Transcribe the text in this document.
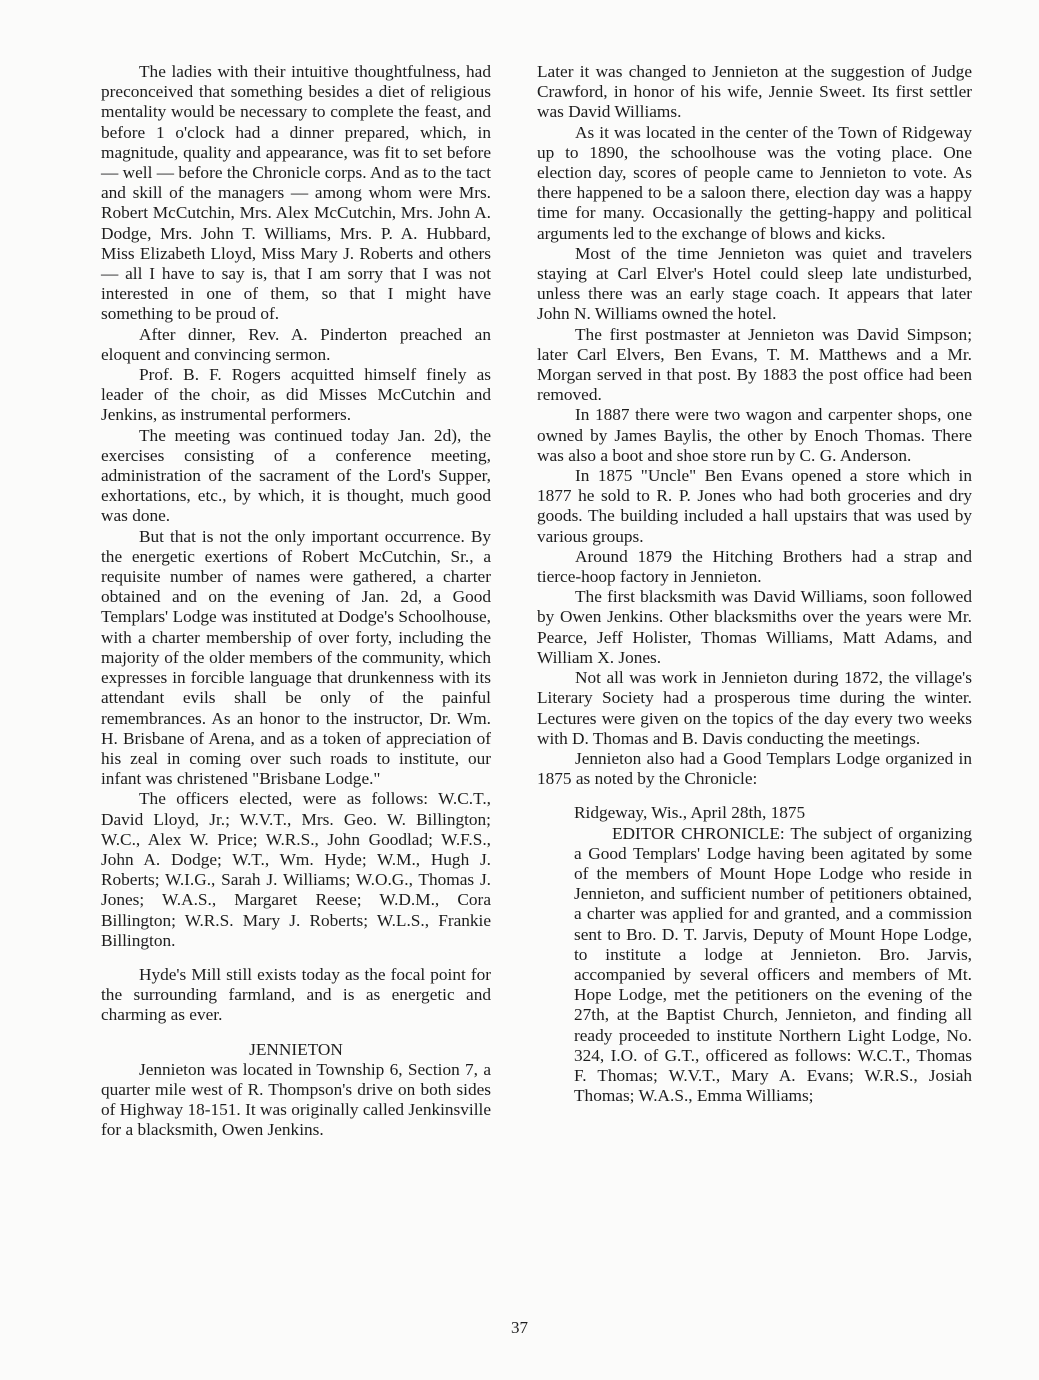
The ladies with their intuitive thoughtfulness, had preconceived that something besides a diet of religious mentality would be necessary to complete the feast, and before 1 o'clock had a dinner prepared, which, in magnitude, quality and appearance, was fit to set before — well — before the Chronicle corps. And as to the tact and skill of the managers — among whom were Mrs. Robert McCutchin, Mrs. Alex McCutchin, Mrs. John A. Dodge, Mrs. John T. Williams, Mrs. P. A. Hubbard, Miss Elizabeth Lloyd, Miss Mary J. Roberts and others — all I have to say is, that I am sorry that I was not interested in one of them, so that I might have something to be proud of.

After dinner, Rev. A. Pinderton preached an eloquent and convincing sermon.

Prof. B. F. Rogers acquitted himself finely as leader of the choir, as did Misses McCutchin and Jenkins, as instrumental performers.

The meeting was continued today Jan. 2d), the exercises consisting of a conference meeting, administration of the sacrament of the Lord's Supper, exhortations, etc., by which, it is thought, much good was done.

But that is not the only important occurrence. By the energetic exertions of Robert McCutchin, Sr., a requisite number of names were gathered, a charter obtained and on the evening of Jan. 2d, a Good Templars' Lodge was instituted at Dodge's Schoolhouse, with a charter membership of over forty, including the majority of the older members of the community, which expresses in forcible language that drunkenness with its attendant evils shall be only of the painful remembrances. As an honor to the instructor, Dr. Wm. H. Brisbane of Arena, and as a token of appreciation of his zeal in coming over such roads to institute, our infant was christened "Brisbane Lodge."

The officers elected, were as follows: W.C.T., David Lloyd, Jr.; W.V.T., Mrs. Geo. W. Billington; W.C., Alex W. Price; W.R.S., John Goodlad; W.F.S., John A. Dodge; W.T., Wm. Hyde; W.M., Hugh J. Roberts; W.I.G., Sarah J. Williams; W.O.G., Thomas J. Jones; W.A.S., Margaret Reese; W.D.M., Cora Billington; W.R.S. Mary J. Roberts; W.L.S., Frankie Billington.

Hyde's Mill still exists today as the focal point for the surrounding farmland, and is as energetic and charming as ever.

JENNIETON

Jennieton was located in Township 6, Section 7, a quarter mile west of R. Thompson's drive on both sides of Highway 18-151. It was originally called Jenkinsville for a blacksmith, Owen Jenkins.

Later it was changed to Jennieton at the suggestion of Judge Crawford, in honor of his wife, Jennie Sweet. Its first settler was David Williams.

As it was located in the center of the Town of Ridgeway up to 1890, the schoolhouse was the voting place. One election day, scores of people came to Jennieton to vote. As there happened to be a saloon there, election day was a happy time for many. Occasionally the getting-happy and political arguments led to the exchange of blows and kicks.

Most of the time Jennieton was quiet and travelers staying at Carl Elver's Hotel could sleep late undisturbed, unless there was an early stage coach. It appears that later John N. Williams owned the hotel.

The first postmaster at Jennieton was David Simpson; later Carl Elvers, Ben Evans, T. M. Matthews and a Mr. Morgan served in that post. By 1883 the post office had been removed.

In 1887 there were two wagon and carpenter shops, one owned by James Baylis, the other by Enoch Thomas. There was also a boot and shoe store run by C. G. Anderson.

In 1875 "Uncle" Ben Evans opened a store which in 1877 he sold to R. P. Jones who had both groceries and dry goods. The building included a hall upstairs that was used by various groups.

Around 1879 the Hitching Brothers had a strap and tierce-hoop factory in Jennieton.

The first blacksmith was David Williams, soon followed by Owen Jenkins. Other blacksmiths over the years were Mr. Pearce, Jeff Holister, Thomas Williams, Matt Adams, and William X. Jones.

Not all was work in Jennieton during 1872, the village's Literary Society had a prosperous time during the winter. Lectures were given on the topics of the day every two weeks with D. Thomas and B. Davis conducting the meetings.

Jennieton also had a Good Templars Lodge organized in 1875 as noted by the Chronicle:

Ridgeway, Wis., April 28th, 1875

EDITOR CHRONICLE: The subject of organizing a Good Templars' Lodge having been agitated by some of the members of Mount Hope Lodge who reside in Jennieton, and sufficient number of petitioners obtained, a charter was applied for and granted, and a commission sent to Bro. D. T. Jarvis, Deputy of Mount Hope Lodge, to institute a lodge at Jennieton. Bro. Jarvis, accompanied by several officers and members of Mt. Hope Lodge, met the petitioners on the evening of the 27th, at the Baptist Church, Jennieton, and finding all ready proceeded to institute Northern Light Lodge, No. 324, I.O. of G.T., officered as follows: W.C.T., Thomas F. Thomas; W.V.T., Mary A. Evans; W.R.S., Josiah Thomas; W.A.S., Emma Williams;

37
